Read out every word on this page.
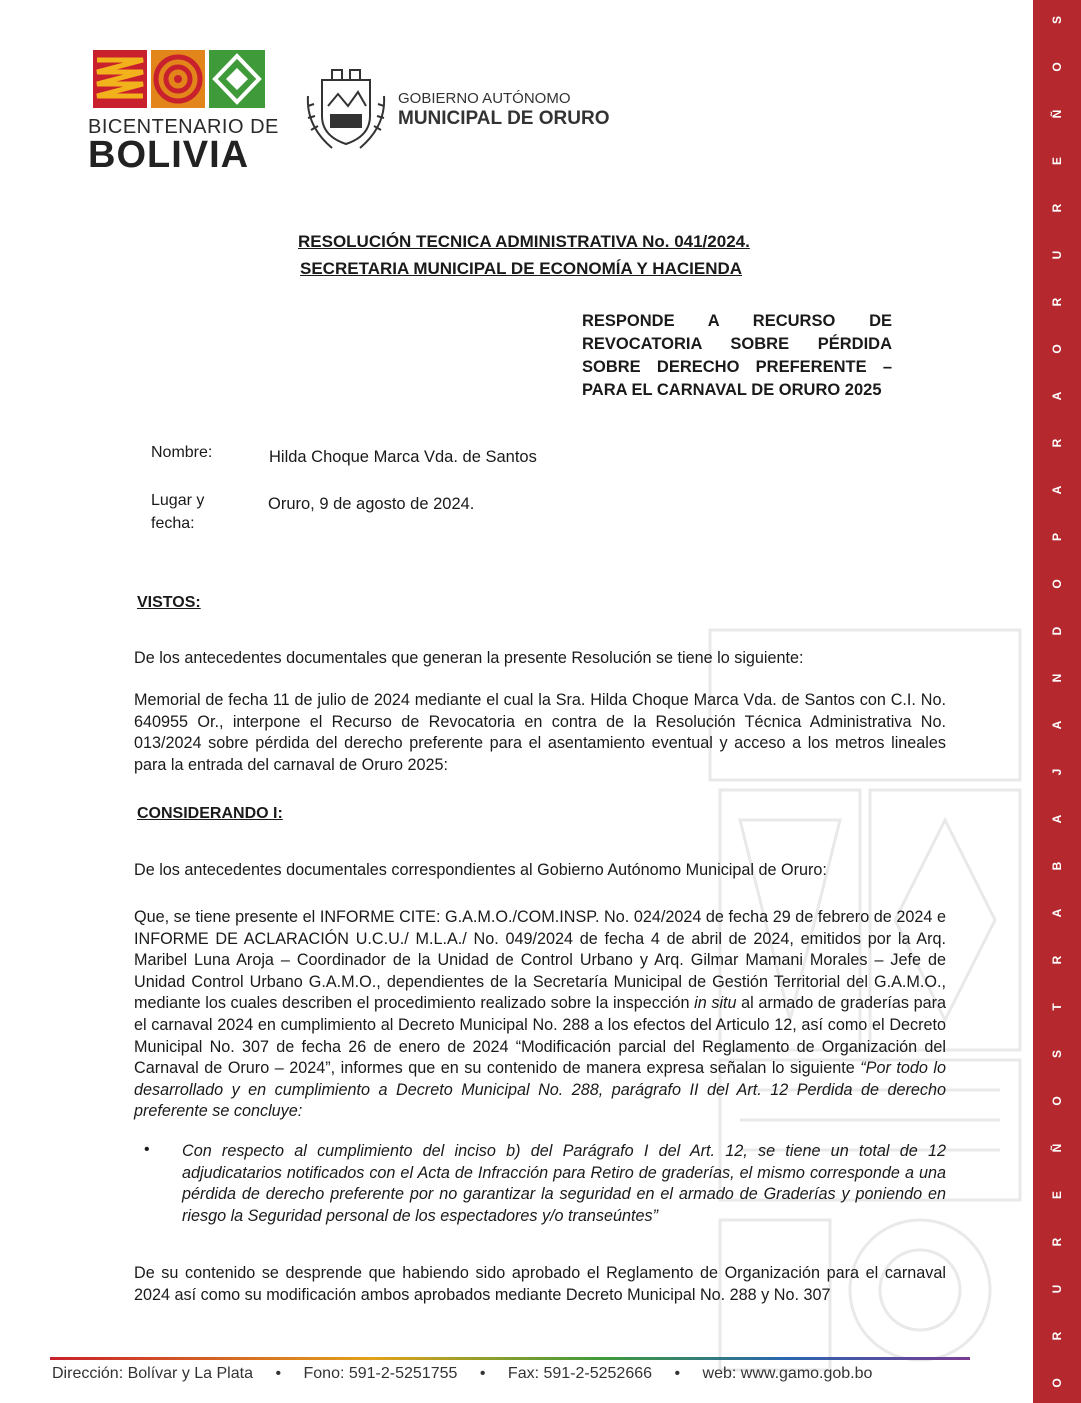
BICENTENARIO DE
BOLIVIA
GOBIERNO AUTÓNOMO
MUNICIPAL DE ORURO
RESOLUCIÓN TECNICA ADMINISTRATIVA No. 041/2024.
SECRETARIA MUNICIPAL DE ECONOMÍA Y HACIENDA
RESPONDE A RECURSO DE REVOCATORIA SOBRE PÉRDIDA SOBRE DERECHO PREFERENTE – PARA EL CARNAVAL DE ORURO 2025
Nombre:	Hilda Choque Marca Vda. de Santos
Lugar y
fecha:
Oruro, 9 de agosto de 2024.
VISTOS:
De los antecedentes documentales que generan la presente Resolución se tiene lo siguiente:
Memorial de fecha 11 de julio de 2024 mediante el cual la Sra. Hilda Choque Marca Vda. de Santos con C.I. No. 640955 Or., interpone el Recurso de Revocatoria en contra de la Resolución Técnica Administrativa No. 013/2024 sobre pérdida del derecho preferente para el asentamiento eventual y acceso a los metros lineales para la entrada del carnaval de Oruro 2025:
CONSIDERANDO I:
De los antecedentes documentales correspondientes al Gobierno Autónomo Municipal de Oruro:
Que, se tiene presente el INFORME CITE: G.A.M.O./COM.INSP. No. 024/2024 de fecha 29 de febrero de 2024 e INFORME DE ACLARACIÓN U.C.U./ M.L.A./ No. 049/2024 de fecha 4 de abril de 2024, emitidos por la Arq. Maribel Luna Aroja – Coordinador de la Unidad de Control Urbano y Arq. Gilmar Mamani Morales – Jefe de Unidad Control Urbano G.A.M.O., dependientes de la Secretaría Municipal de Gestión Territorial del G.A.M.O., mediante los cuales describen el procedimiento realizado sobre la inspección in situ al armado de graderías para el carnaval 2024 en cumplimiento al Decreto Municipal No. 288 a los efectos del Articulo 12, así como el Decreto Municipal No. 307 de fecha 26 de enero de 2024 “Modificación parcial del Reglamento de Organización del Carnaval de Oruro – 2024”, informes que en su contenido de manera expresa señalan lo siguiente “Por todo lo desarrollado y en cumplimiento a Decreto Municipal No. 288, parágrafo II del Art. 12 Perdida de derecho preferente se concluye:
• Con respecto al cumplimiento del inciso b) del Parágrafo I del Art. 12, se tiene un total de 12 adjudicatarios notificados con el Acta de Infracción para Retiro de graderías, el mismo corresponde a una pérdida de derecho preferente por no garantizar la seguridad en el armado de Graderías y poniendo en riesgo la Seguridad personal de los espectadores y/o transeúntes”
De su contenido se desprende que habiendo sido aprobado el Reglamento de Organización para el carnaval 2024 así como su modificación ambos aprobados mediante Decreto Municipal No. 288 y No. 307
Dirección: Bolívar y La Plata • Fono: 591-2-5251755 • Fax: 591-2-5252666 • web: www.gamo.gob.bo
S
O
Ñ
E
R
U
R
O
A
R
A
P
O
D
N
A
J
A
B
A
R
T
S
O
Ñ
E
R
U
R
O
